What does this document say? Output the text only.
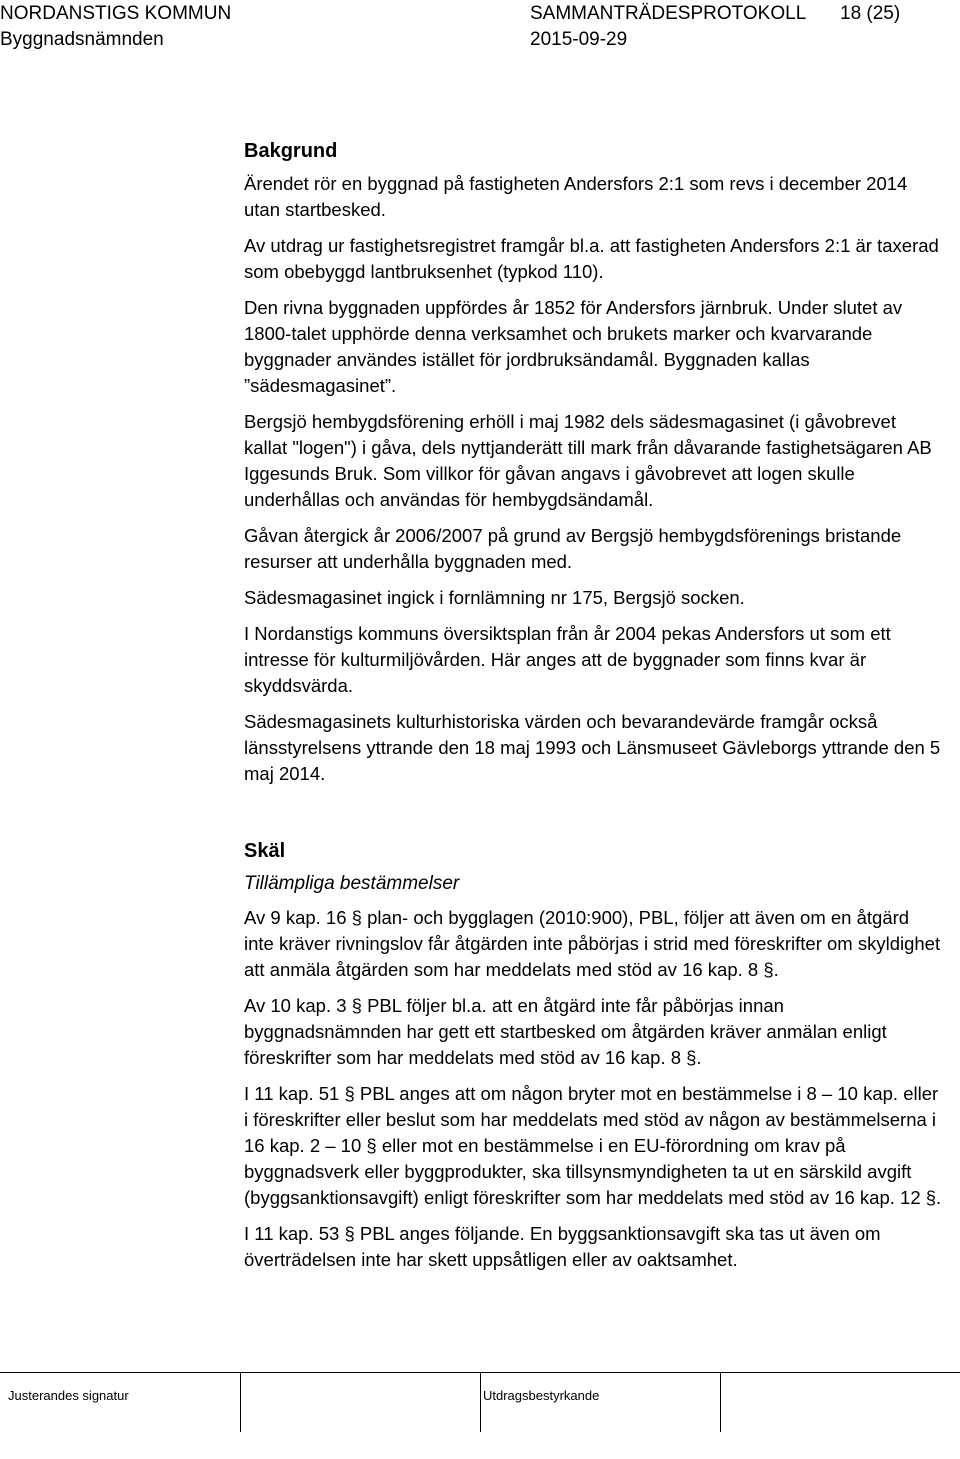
NORDANSTIGS KOMMUN
Byggnadsnämnden
SAMMANTRÄDESPROTOKOLL 18 (25)
2015-09-29
Bakgrund

Ärendet rör en byggnad på fastigheten Andersfors 2:1 som revs i december 2014 utan startbesked.

Av utdrag ur fastighetsregistret framgår bl.a. att fastigheten Andersfors 2:1 är taxerad som obebyggd lantbruksenhet (typkod 110).

Den rivna byggnaden uppfördes år 1852 för Andersfors järnbruk. Under slutet av 1800-talet upphörde denna verksamhet och brukets marker och kvarvarande byggnader användes istället för jordbruksändamål. Byggnaden kallas ”sädesmagasinet”.

Bergsjö hembygdsförening erhöll i maj 1982 dels sädesmagasinet (i gåvobrevet kallat "logen") i gåva, dels nyttjanderätt till mark från dåvarande fastighetsägaren AB Iggesunds Bruk. Som villkor för gåvan angavs i gåvobrevet att logen skulle underhållas och användas för hembygdsändamål.

Gåvan återgick år 2006/2007 på grund av Bergsjö hembygdsförenings bristande resurser att underhålla byggnaden med.

Sädesmagasinet ingick i fornlämning nr 175, Bergsjö socken.

I Nordanstigs kommuns översiktsplan från år 2004 pekas Andersfors ut som ett intresse för kulturmiljövården. Här anges att de byggnader som finns kvar är skyddsvärda.

Sädesmagasinets kulturhistoriska värden och bevarandevärde framgår också länsstyrelsens yttrande den 18 maj 1993 och Länsmuseet Gävleborgs yttrande den 5 maj 2014.

Skäl
Tillämpliga bestämmelser

Av 9 kap. 16 § plan- och bygglagen (2010:900), PBL, följer att även om en åtgärd inte kräver rivningslov får åtgärden inte påbörjas i strid med föreskrifter om skyldighet att anmäla åtgärden som har meddelats med stöd av 16 kap. 8 §.

Av 10 kap. 3 § PBL följer bl.a. att en åtgärd inte får påbörjas innan byggnadsnämnden har gett ett startbesked om åtgärden kräver anmälan enligt föreskrifter som har meddelats med stöd av 16 kap. 8 §.

I 11 kap. 51 § PBL anges att om någon bryter mot en bestämmelse i 8 – 10 kap. eller i föreskrifter eller beslut som har meddelats med stöd av någon av bestämmelserna i 16 kap. 2 – 10 § eller mot en bestämmelse i en EU-förordning om krav på byggnadsverk eller byggprodukter, ska tillsynsmyndigheten ta ut en särskild avgift (byggsanktionsavgift) enligt föreskrifter som har meddelats med stöd av 16 kap. 12 §.

I 11 kap. 53 § PBL anges följande. En byggsanktionsavgift ska tas ut även om överträdelsen inte har skett uppsåtligen eller av oaktsamhet.

Justerandes signatur	Utdragsbestyrkande
